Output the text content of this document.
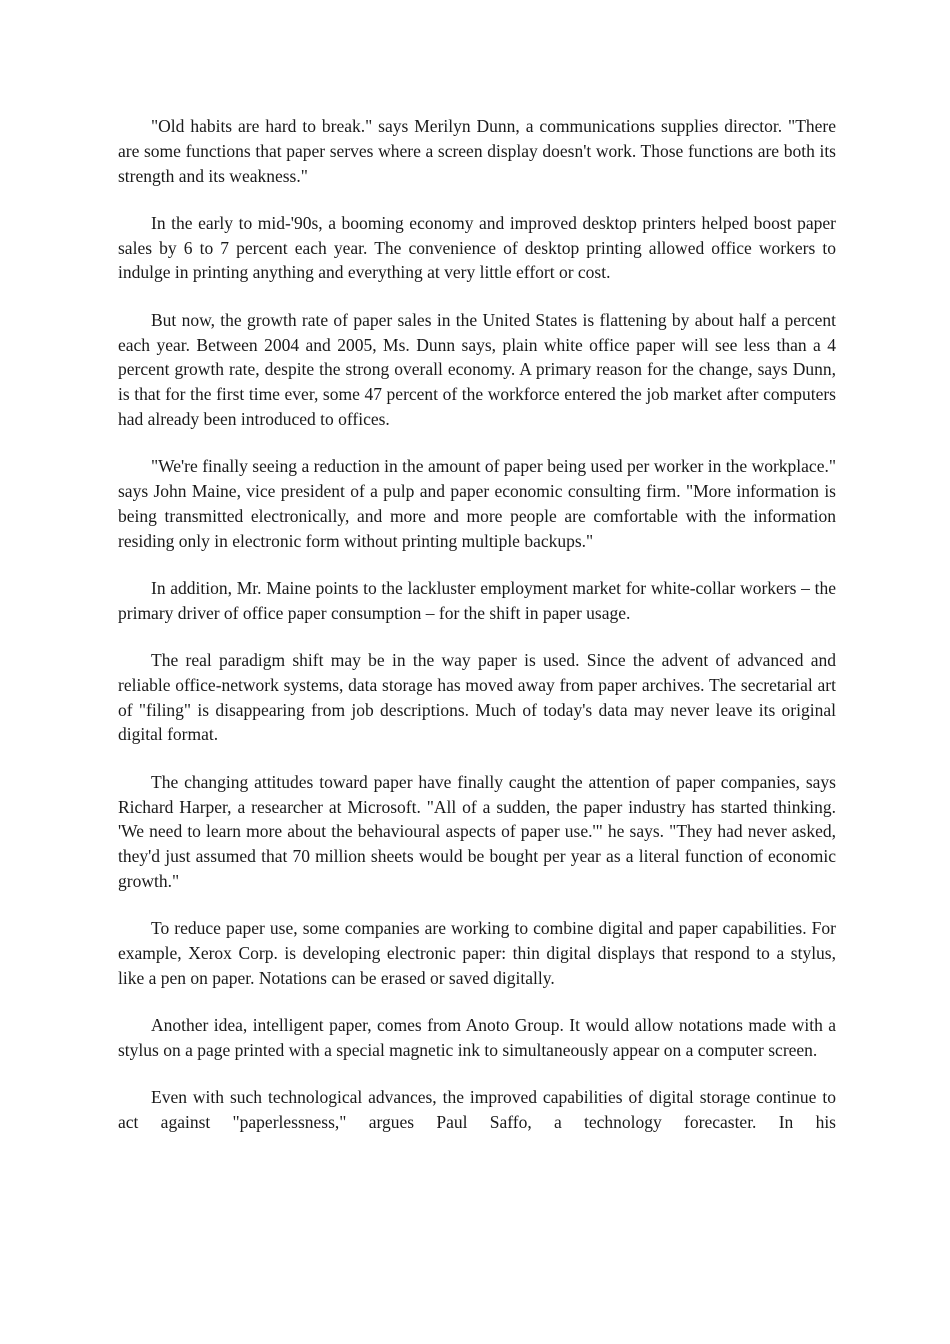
"Old habits are hard to break." says Merilyn Dunn, a communications supplies director. "There are some functions that paper serves where a screen display doesn't work. Those functions are both its strength and its weakness."

In the early to mid-'90s, a booming economy and improved desktop printers helped boost paper sales by 6 to 7 percent each year. The convenience of desktop printing allowed office workers to indulge in printing anything and everything at very little effort or cost.

But now, the growth rate of paper sales in the United States is flattening by about half a percent each year. Between 2004 and 2005, Ms. Dunn says, plain white office paper will see less than a 4 percent growth rate, despite the strong overall economy. A primary reason for the change, says Dunn, is that for the first time ever, some 47 percent of the workforce entered the job market after computers had already been introduced to offices.

"We're finally seeing a reduction in the amount of paper being used per worker in the workplace." says John Maine, vice president of a pulp and paper economic consulting firm. "More information is being transmitted electronically, and more and more people are comfortable with the information residing only in electronic form without printing multiple backups."

In addition, Mr. Maine points to the lackluster employment market for white-collar workers – the primary driver of office paper consumption – for the shift in paper usage.

The real paradigm shift may be in the way paper is used. Since the advent of advanced and reliable office-network systems, data storage has moved away from paper archives. The secretarial art of "filing" is disappearing from job descriptions. Much of today's data may never leave its original digital format.

The changing attitudes toward paper have finally caught the attention of paper companies, says Richard Harper, a researcher at Microsoft. "All of a sudden, the paper industry has started thinking. 'We need to learn more about the behavioural aspects of paper use.'" he says. "They had never asked, they'd just assumed that 70 million sheets would be bought per year as a literal function of economic growth."

To reduce paper use, some companies are working to combine digital and paper capabilities. For example, Xerox Corp. is developing electronic paper: thin digital displays that respond to a stylus, like a pen on paper. Notations can be erased or saved digitally.

Another idea, intelligent paper, comes from Anoto Group. It would allow notations made with a stylus on a page printed with a special magnetic ink to simultaneously appear on a computer screen.

Even with such technological advances, the improved capabilities of digital storage continue to act against "paperlessness," argues Paul Saffo, a technology forecaster. In his
